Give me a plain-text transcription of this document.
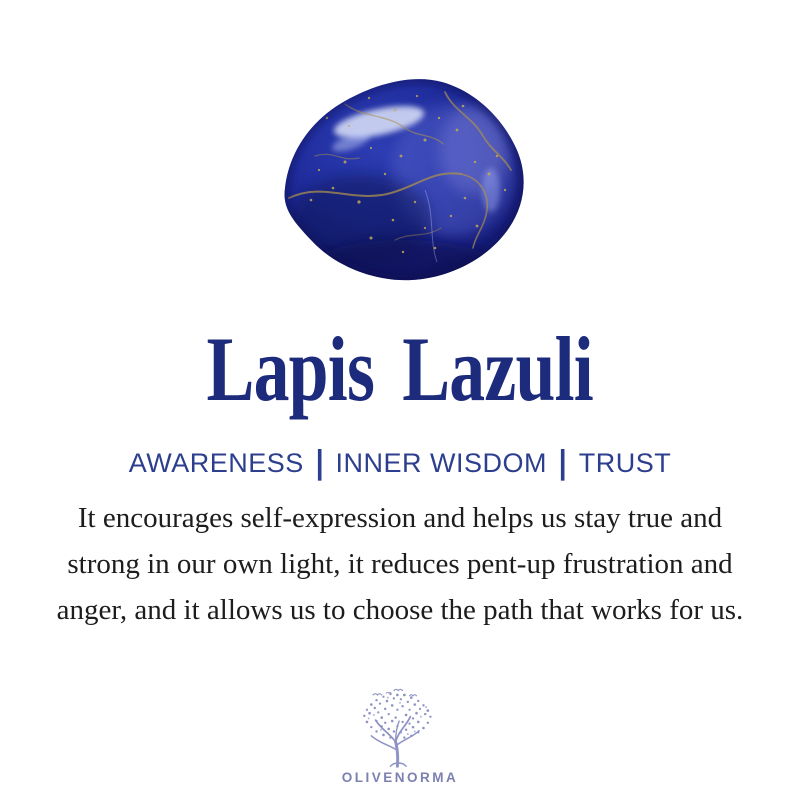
Lapis Lazuli
AWARENESS | INNER WISDOM | TRUST
It encourages self-expression and helps us stay true and
strong in our own light, it reduces pent-up frustration and
anger, and it allows us to choose the path that works for us.
OLIVENORMA
